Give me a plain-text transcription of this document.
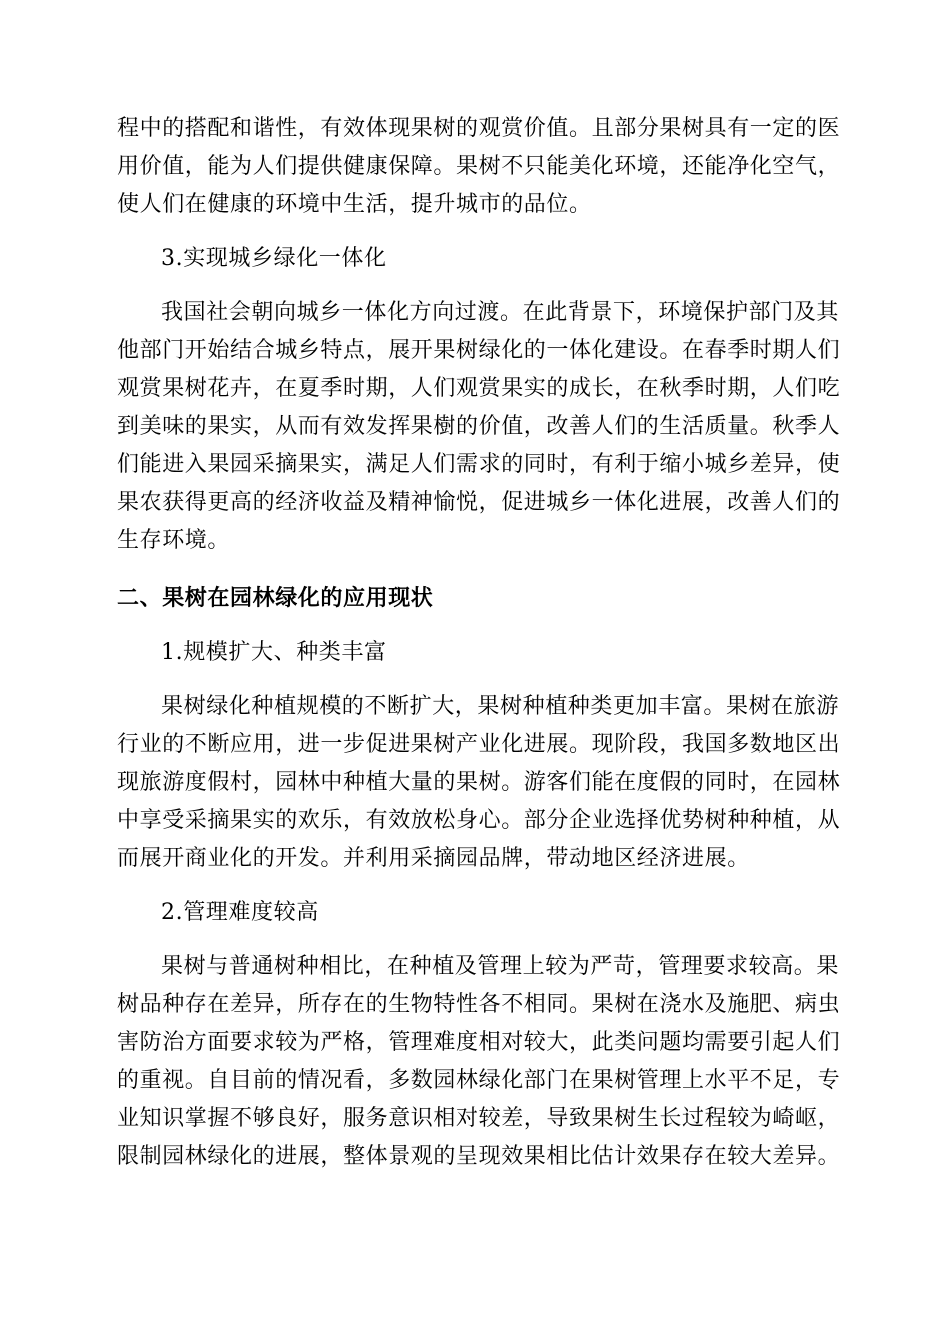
程中的搭配和谐性，有效体现果树的观赏价值。且部分果树具有一定的医
用价值，能为人们提供健康保障。果树不只能美化环境，还能净化空气，
使人们在健康的环境中生活，提升城市的品位。
3.实现城乡绿化一体化
我国社会朝向城乡一体化方向过渡。在此背景下，环境保护部门及其
他部门开始结合城乡特点，展开果树绿化的一体化建设。在春季时期人们
观赏果树花卉，在夏季时期，人们观赏果实的成长，在秋季时期，人们吃
到美味的果实，从而有效发挥果樹的价值，改善人们的生活质量。秋季人
们能进入果园采摘果实，满足人们需求的同时，有利于缩小城乡差异，使
果农获得更高的经济收益及精神愉悦，促进城乡一体化进展，改善人们的
生存环境。
二、果树在园林绿化的应用现状
1.规模扩大、种类丰富
果树绿化种植规模的不断扩大，果树种植种类更加丰富。果树在旅游
行业的不断应用，进一步促进果树产业化进展。现阶段，我国多数地区出
现旅游度假村，园林中种植大量的果树。游客们能在度假的同时，在园林
中享受采摘果实的欢乐，有效放松身心。部分企业选择优势树种种植，从
而展开商业化的开发。并利用采摘园品牌，带动地区经济进展。
2.管理难度较高
果树与普通树种相比，在种植及管理上较为严苛，管理要求较高。果
树品种存在差异，所存在的生物特性各不相同。果树在浇水及施肥、病虫
害防治方面要求较为严格，管理难度相对较大，此类问题均需要引起人们
的重视。自目前的情况看，多数园林绿化部门在果树管理上水平不足，专
业知识掌握不够良好，服务意识相对较差，导致果树生长过程较为崎岖，
限制园林绿化的进展，整体景观的呈现效果相比估计效果存在较大差异。
